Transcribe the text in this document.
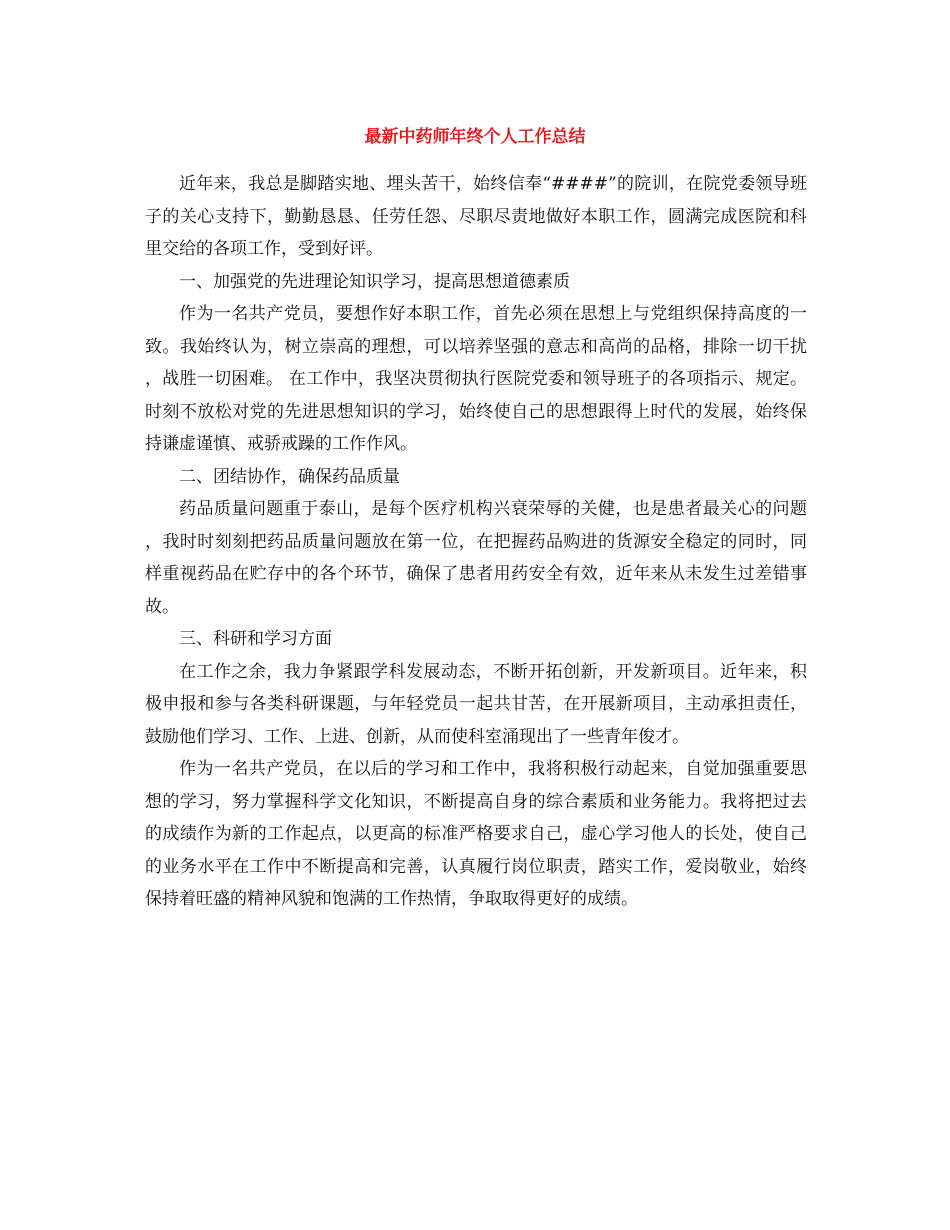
最新中药师年终个人工作总结

近年来，我总是脚踏实地、埋头苦干，始终信奉“####”的院训，在院党委领导班子的关心支持下，勤勤恳恳、任劳任怨、尽职尽责地做好本职工作，圆满完成医院和科里交给的各项工作，受到好评。

一、加强党的先进理论知识学习，提高思想道德素质

作为一名共产党员，要想作好本职工作，首先必须在思想上与党组织保持高度的一致。我始终认为，树立崇高的理想，可以培养坚强的意志和高尚的品格，排除一切干扰，战胜一切困难。 在工作中，我坚决贯彻执行医院党委和领导班子的各项指示、规定。时刻不放松对党的先进思想知识的学习，始终使自己的思想跟得上时代的发展，始终保持谦虚谨慎、戒骄戒躁的工作作风。

二、团结协作，确保药品质量

药品质量问题重于泰山，是每个医疗机构兴衰荣辱的关健，也是患者最关心的问题，我时时刻刻把药品质量问题放在第一位，在把握药品购进的货源安全稳定的同时，同样重视药品在贮存中的各个环节，确保了患者用药安全有效，近年来从未发生过差错事故。

三、科研和学习方面

在工作之余，我力争紧跟学科发展动态，不断开拓创新，开发新项目。近年来，积极申报和参与各类科研课题，与年轻党员一起共甘苦，在开展新项目，主动承担责任，鼓励他们学习、工作、上进、创新，从而使科室涌现出了一些青年俊才。

作为一名共产党员，在以后的学习和工作中，我将积极行动起来，自觉加强重要思想的学习，努力掌握科学文化知识，不断提高自身的综合素质和业务能力。我将把过去的成绩作为新的工作起点，以更高的标准严格要求自己，虚心学习他人的长处，使自己的业务水平在工作中不断提高和完善，认真履行岗位职责，踏实工作，爱岗敬业，始终保持着旺盛的精神风貌和饱满的工作热情，争取取得更好的成绩。
